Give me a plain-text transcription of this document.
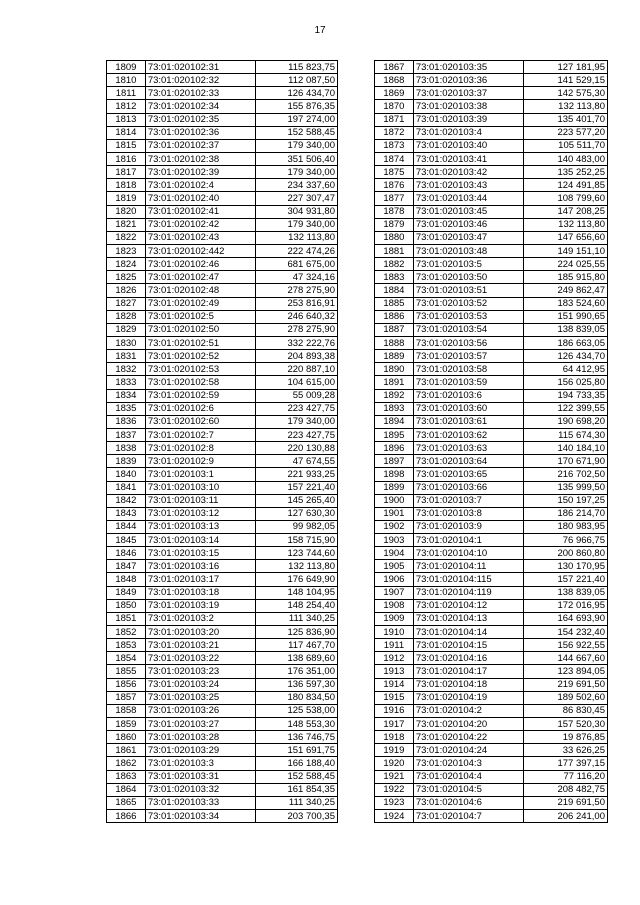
17
1809	73:01:020102:31	115 823,75
1810	73:01:020102:32	112 087,50
1811	73:01:020102:33	126 434,70
1812	73:01:020102:34	155 876,35
1813	73:01:020102:35	197 274,00
1814	73:01:020102:36	152 588,45
1815	73:01:020102:37	179 340,00
1816	73:01:020102:38	351 506,40
1817	73:01:020102:39	179 340,00
1818	73:01:020102:4	234 337,60
1819	73:01:020102:40	227 307,47
1820	73:01:020102:41	304 931,80
1821	73:01:020102:42	179 340,00
1822	73:01:020102:43	132 113,80
1823	73:01:020102:442	222 474,26
1824	73:01:020102:46	681 675,00
1825	73:01:020102:47	47 324,16
1826	73:01:020102:48	278 275,90
1827	73:01:020102:49	253 816,91
1828	73:01:020102:5	246 640,32
1829	73:01:020102:50	278 275,90
1830	73:01:020102:51	332 222,76
1831	73:01:020102:52	204 893,38
1832	73:01:020102:53	220 887,10
1833	73:01:020102:58	104 615,00
1834	73:01:020102:59	55 009,28
1835	73:01:020102:6	223 427,75
1836	73:01:020102:60	179 340,00
1837	73:01:020102:7	223 427,75
1838	73:01:020102:8	220 130,88
1839	73:01:020102:9	47 674,55
1840	73:01:020103:1	221 933,25
1841	73:01:020103:10	157 221,40
1842	73:01:020103:11	145 265,40
1843	73:01:020103:12	127 630,30
1844	73:01:020103:13	99 982,05
1845	73:01:020103:14	158 715,90
1846	73:01:020103:15	123 744,60
1847	73:01:020103:16	132 113,80
1848	73:01:020103:17	176 649,90
1849	73:01:020103:18	148 104,95
1850	73:01:020103:19	148 254,40
1851	73:01:020103:2	111 340,25
1852	73:01:020103:20	125 836,90
1853	73:01:020103:21	117 467,70
1854	73:01:020103:22	138 689,60
1855	73:01:020103:23	176 351,00
1856	73:01:020103:24	136 597,30
1857	73:01:020103:25	180 834,50
1858	73:01:020103:26	125 538,00
1859	73:01:020103:27	148 553,30
1860	73:01:020103:28	136 746,75
1861	73:01:020103:29	151 691,75
1862	73:01:020103:3	166 188,40
1863	73:01:020103:31	152 588,45
1864	73:01:020103:32	161 854,35
1865	73:01:020103:33	111 340,25
1866	73:01:020103:34	203 700,35
1867	73:01:020103:35	127 181,95
1868	73:01:020103:36	141 529,15
1869	73:01:020103:37	142 575,30
1870	73:01:020103:38	132 113,80
1871	73:01:020103:39	135 401,70
1872	73:01:020103:4	223 577,20
1873	73:01:020103:40	105 511,70
1874	73:01:020103:41	140 483,00
1875	73:01:020103:42	135 252,25
1876	73:01:020103:43	124 491,85
1877	73:01:020103:44	108 799,60
1878	73:01:020103:45	147 208,25
1879	73:01:020103:46	132 113,80
1880	73:01:020103:47	147 656,60
1881	73:01:020103:48	149 151,10
1882	73:01:020103:5	224 025,55
1883	73:01:020103:50	185 915,80
1884	73:01:020103:51	249 862,47
1885	73:01:020103:52	183 524,60
1886	73:01:020103:53	151 990,65
1887	73:01:020103:54	138 839,05
1888	73:01:020103:56	186 663,05
1889	73:01:020103:57	126 434,70
1890	73:01:020103:58	64 412,95
1891	73:01:020103:59	156 025,80
1892	73:01:020103:6	194 733,35
1893	73:01:020103:60	122 399,55
1894	73:01:020103:61	190 698,20
1895	73:01:020103:62	115 674,30
1896	73:01:020103:63	140 184,10
1897	73:01:020103:64	170 671,90
1898	73:01:020103:65	216 702,50
1899	73:01:020103:66	135 999,50
1900	73:01:020103:7	150 197,25
1901	73:01:020103:8	186 214,70
1902	73:01:020103:9	180 983,95
1903	73:01:020104:1	76 966,75
1904	73:01:020104:10	200 860,80
1905	73:01:020104:11	130 170,95
1906	73:01:020104:115	157 221,40
1907	73:01:020104:119	138 839,05
1908	73:01:020104:12	172 016,95
1909	73:01:020104:13	164 693,90
1910	73:01:020104:14	154 232,40
1911	73:01:020104:15	156 922,55
1912	73:01:020104:16	144 667,60
1913	73:01:020104:17	123 894,05
1914	73:01:020104:18	219 691,50
1915	73:01:020104:19	189 502,60
1916	73:01:020104:2	86 830,45
1917	73:01:020104:20	157 520,30
1918	73:01:020104:22	19 876,85
1919	73:01:020104:24	33 626,25
1920	73:01:020104:3	177 397,15
1921	73:01:020104:4	77 116,20
1922	73:01:020104:5	208 482,75
1923	73:01:020104:6	219 691,50
1924	73:01:020104:7	206 241,00
